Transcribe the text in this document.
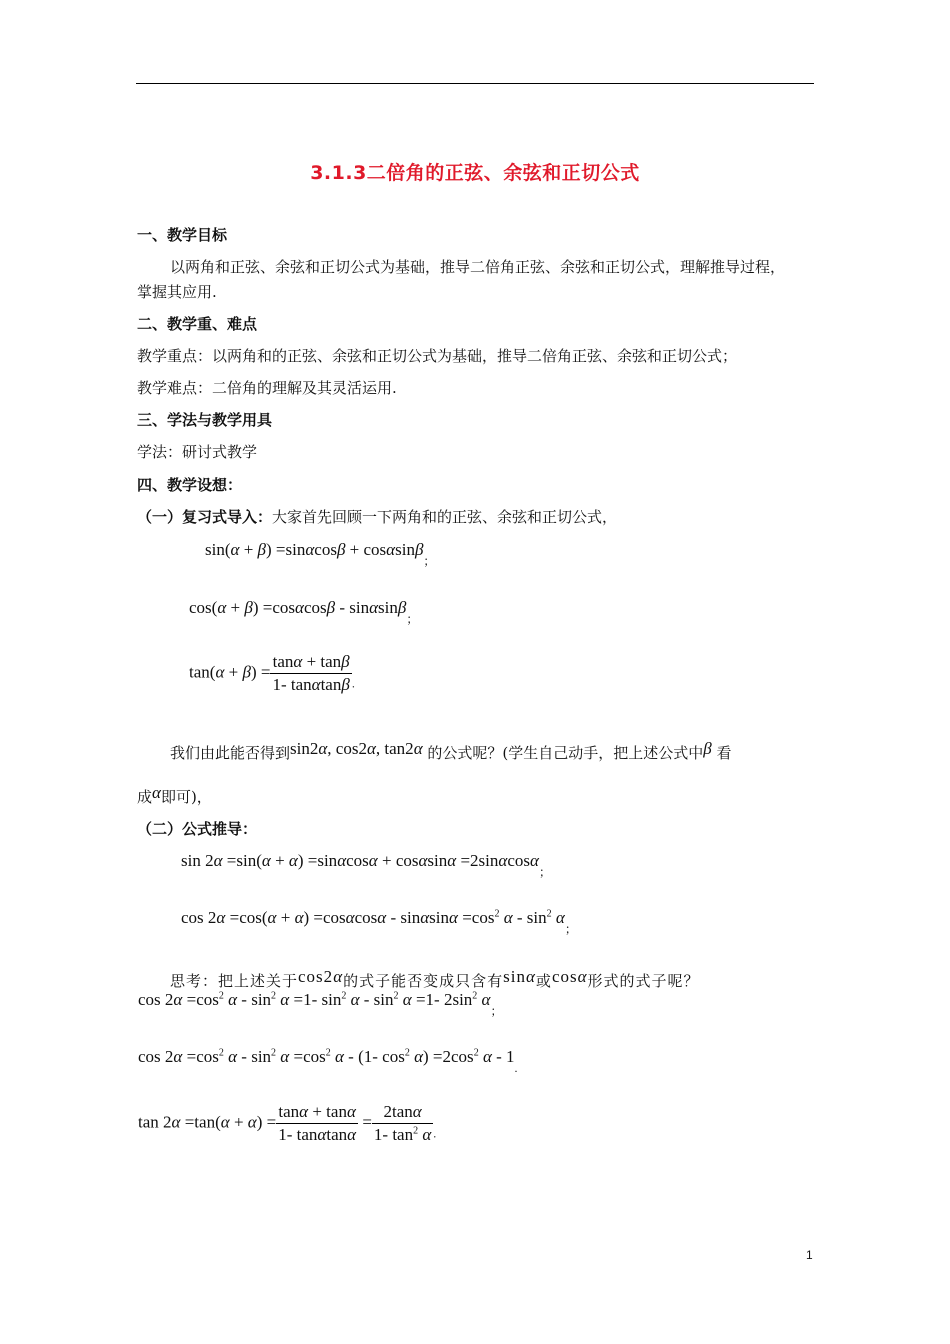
3.1.3二倍角的正弦、余弦和正切公式
一、教学目标
以两角和正弦、余弦和正切公式为基础，推导二倍角正弦、余弦和正切公式，理解推导过程，
掌握其应用.
二、教学重、难点
教学重点：以两角和的正弦、余弦和正切公式为基础，推导二倍角正弦、余弦和正切公式；
教学难点：二倍角的理解及其灵活运用.
三、学法与教学用具
学法：研讨式教学
四、教学设想：
（一）复习式导入：大家首先回顾一下两角和的正弦、余弦和正切公式，
sin(α + β) =sinαcosβ + cosαsinβ$_;$
cos(α + β) =cosαcosβ - sinαsinβ$_;$
$\tan(\alpha + \beta) = \frac{\tan\alpha + \tan\beta}{1- \tan\alpha\tan\beta} _.$
我们由此能否得到sin2α, cos2α, tan2α 的公式呢？(学生自己动手，把上述公式中β 看
成α即可)，
（二）公式推导：
sin 2α =sin(α + α) =sinαcosα + cosαsinα =2sinαcosα$_;$
$\cos 2\alpha =\cos(\alpha + \alpha) =\cos\alpha\cos\alpha - \sin\alpha\sin\alpha =\cos^2$ α - $\sin^2 \alpha_;$
思考：把上述关于cos2α的式子能否变成只含有sinα或cosα形式的式子呢？
$\cos 2\alpha =\cos^2$ $\alpha - \sin^2 \alpha =1-$ $\sin^2 \alpha - \sin^2 \alpha =1-$ $2\sin^2$ $\alpha_;$
$\cos 2\alpha =\cos^2$ $\alpha - \sin^2 \alpha =\cos^2$ α - (1- $\cos^2 \alpha) =2\cos^2$ α - $1_.$
$\tan 2\alpha =\tan(\alpha + \alpha) = \frac{\tan\alpha + \tan\alpha}{1- \tan\alpha\tan\alpha} = \frac{2\tan\alpha}{1- \tan^2 \alpha} _.$
1
